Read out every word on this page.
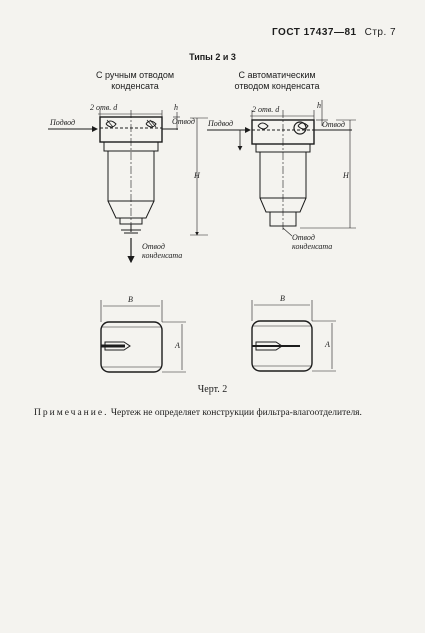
ГОСТ 17437—81 Стр. 7
Типы 2 и 3
С ручным отводом
конденсата
С автоматическим
отводом конденсата
Подвод	Отвод
2 отв. d	h
H
Отвод
конденсата
Подвод	Отвод
2 отв. d	h
H
Отвод
конденсата
B
A
B
A
Черт. 2
Примечание. Чертеж не определяет конструкции фильтра-влагоотделителя.
